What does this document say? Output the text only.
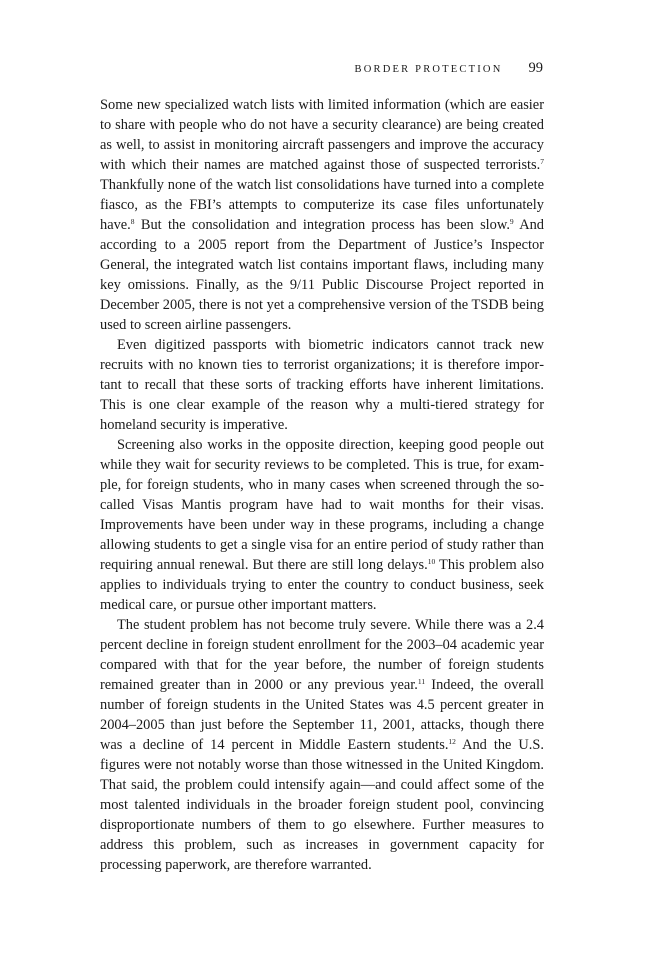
BORDER PROTECTION 99

Some new specialized watch lists with limited information (which are easier to share with people who do not have a security clearance) are being created as well, to assist in monitoring aircraft passengers and improve the accuracy with which their names are matched against those of suspected terrorists.$^7$ Thankfully none of the watch list consolidations have turned into a complete fiasco, as the FBI’s attempts to computerize its case files unfortunately have.$^8$ But the consolidation and integration process has been slow.$^9$ And according to a 2005 report from the Department of Justice’s Inspector General, the integrated watch list contains important flaws, including many key omissions. Finally, as the 9/11 Public Discourse Project reported in December 2005, there is not yet a comprehensive version of the TSDB being used to screen airline passengers.

Even digitized passports with biometric indicators cannot track new recruits with no known ties to terrorist organizations; it is therefore important to recall that these sorts of tracking efforts have inherent limitations. This is one clear example of the reason why a multi-tiered strategy for homeland security is imperative.

Screening also works in the opposite direction, keeping good people out while they wait for security reviews to be completed. This is true, for example, for foreign students, who in many cases when screened through the so-called Visas Mantis program have had to wait months for their visas. Improvements have been under way in these programs, including a change allowing students to get a single visa for an entire period of study rather than requiring annual renewal. But there are still long delays.$^{10}$ This problem also applies to individuals trying to enter the country to conduct business, seek medical care, or pursue other important matters.

The student problem has not become truly severe. While there was a 2.4 percent decline in foreign student enrollment for the 2003–04 academic year compared with that for the year before, the number of foreign students remained greater than in 2000 or any previous year.$^{11}$ Indeed, the overall number of foreign students in the United States was 4.5 percent greater in 2004–2005 than just before the September 11, 2001, attacks, though there was a decline of 14 percent in Middle Eastern students.$^{12}$ And the U.S. figures were not notably worse than those witnessed in the United Kingdom. That said, the problem could intensify again—and could affect some of the most talented individuals in the broader foreign student pool, convincing disproportionate numbers of them to go elsewhere. Further measures to address this problem, such as increases in government capacity for processing paperwork, are therefore warranted.
